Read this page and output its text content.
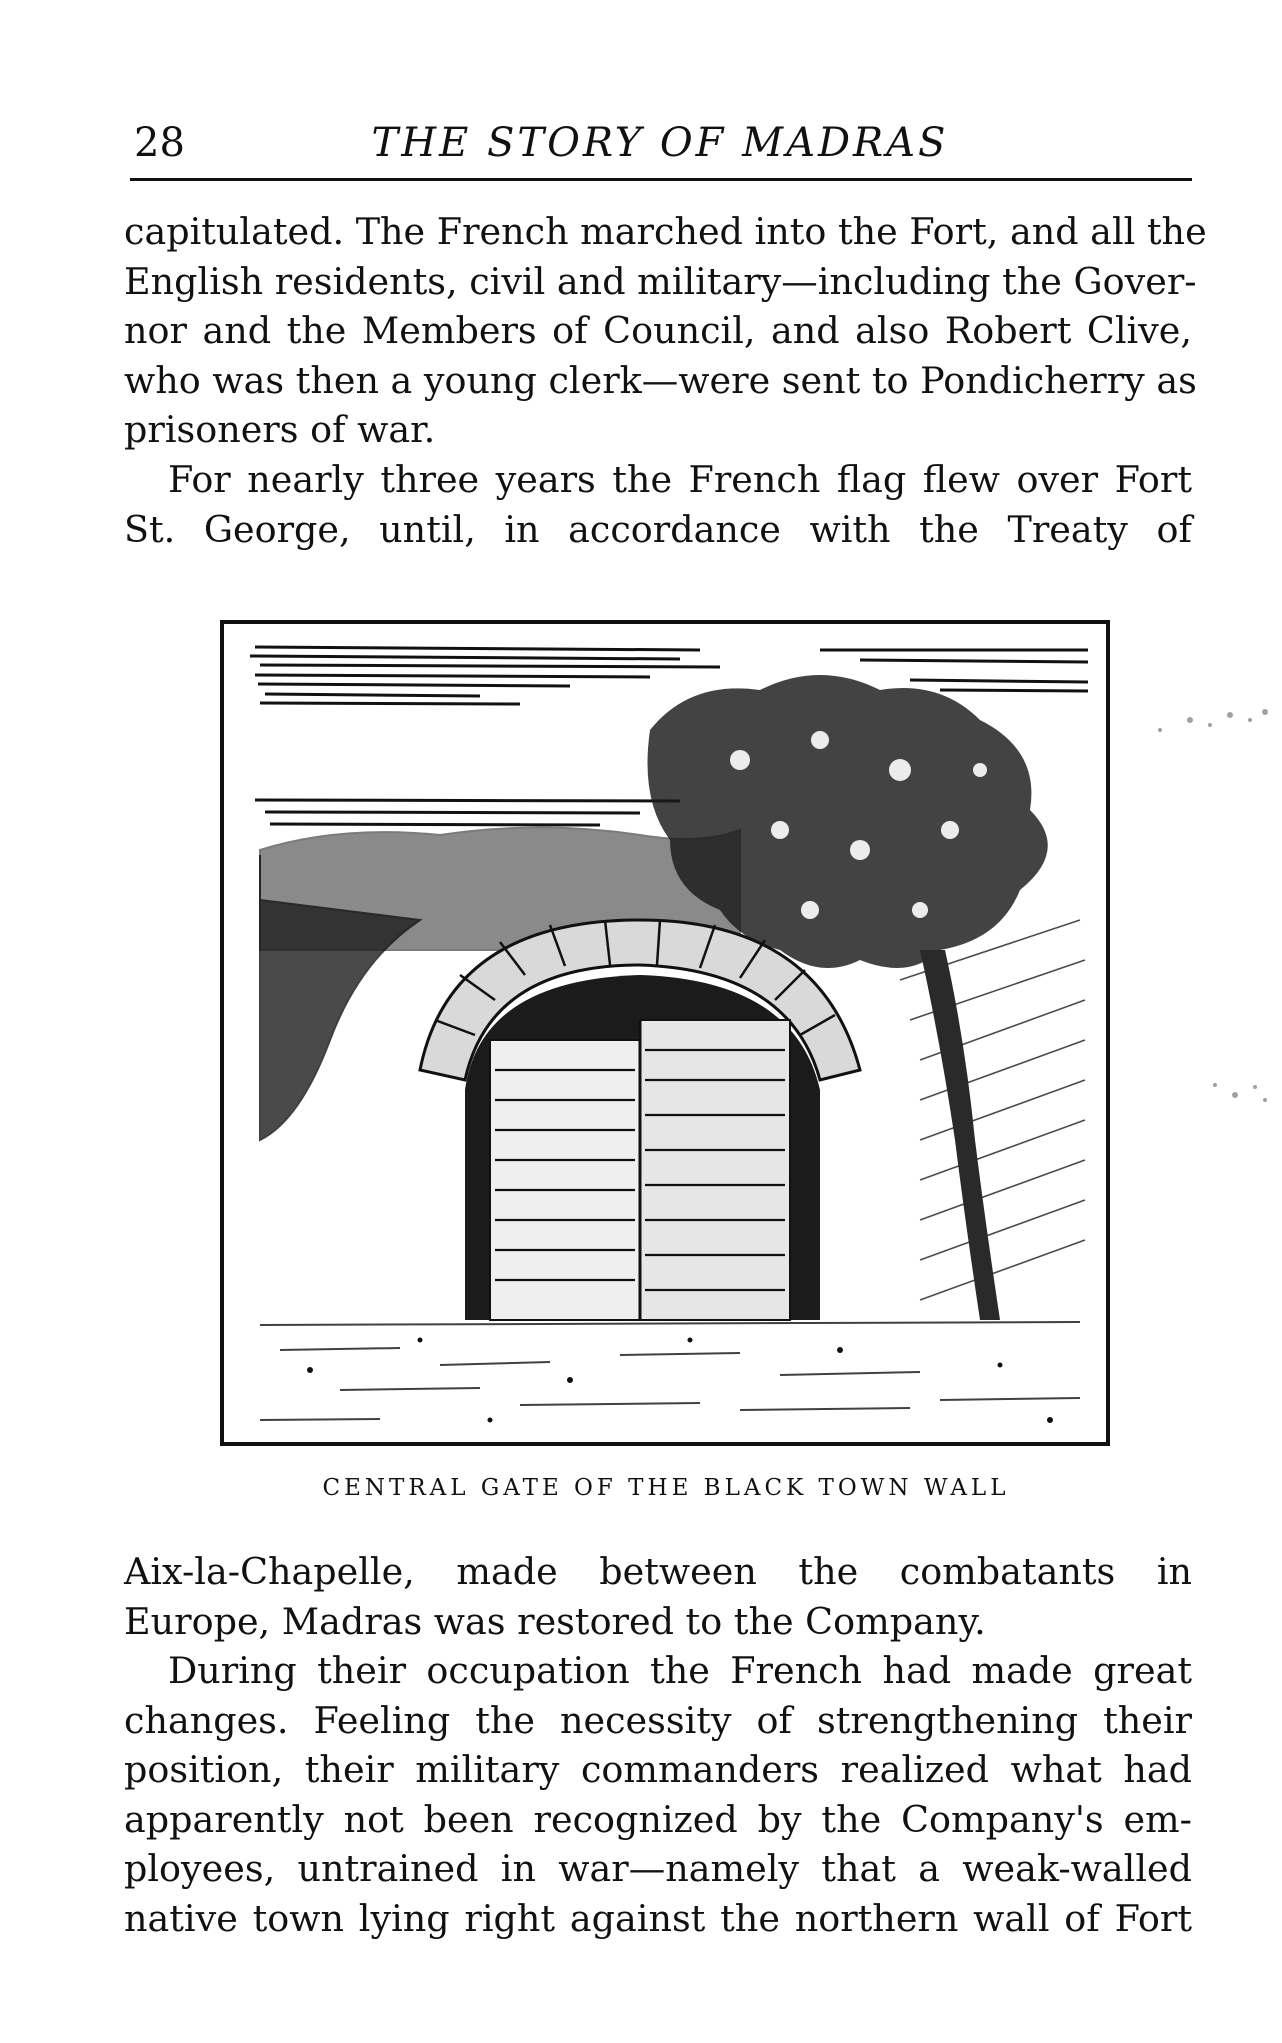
28	THE STORY OF MADRAS

capitulated. The French marched into the Fort, and all the
English residents, civil and military—including the Gover-
nor and the Members of Council, and also Robert Clive,
who was then a young clerk—were sent to Pondicherry as
prisoners of war.

For nearly three years the French flag flew over Fort
St. George, until, in accordance with the Treaty of

CENTRAL GATE OF THE BLACK TOWN WALL

Aix-la-Chapelle, made between the combatants in
Europe, Madras was restored to the Company.

During their occupation the French had made great
changes. Feeling the necessity of strengthening their
position, their military commanders realized what had
apparently not been recognized by the Company's em-
ployees, untrained in war—namely that a weak-walled
native town lying right against the northern wall of Fort
